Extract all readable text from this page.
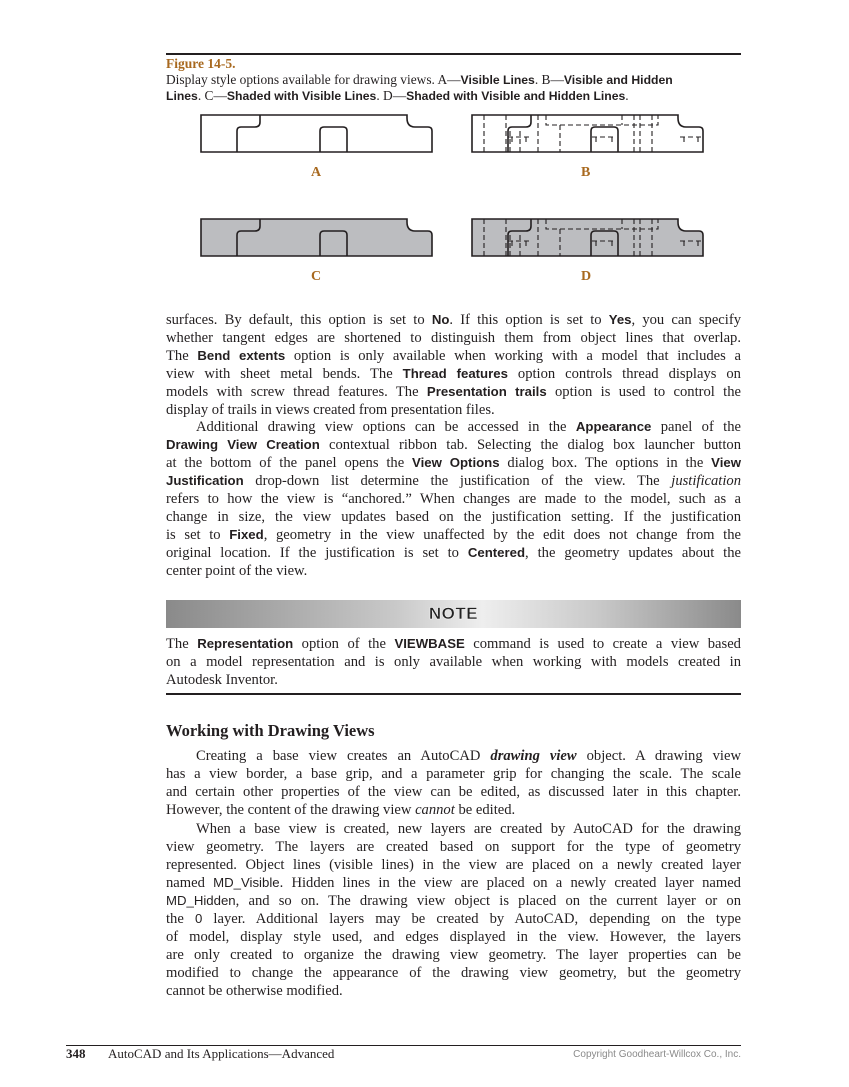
Figure 14-5.
Display style options available for drawing views. A—Visible Lines. B—Visible and Hidden
Lines. C—Shaded with Visible Lines. D—Shaded with Visible and Hidden Lines.
A	B
C	D
surfaces. By default, this option is set to No. If this option is set to Yes, you can specify
whether tangent edges are shortened to distinguish them from object lines that overlap.
The Bend extents option is only available when working with a model that includes a
view with sheet metal bends. The Thread features option controls thread displays on
models with screw thread features. The Presentation trails option is used to control the
display of trails in views created from presentation files.
Additional drawing view options can be accessed in the Appearance panel of the
Drawing View Creation contextual ribbon tab. Selecting the dialog box launcher button
at the bottom of the panel opens the View Options dialog box. The options in the View
Justification drop-down list determine the justification of the view. The justification
refers to how the view is “anchored.” When changes are made to the model, such as a
change in size, the view updates based on the justification setting. If the justification
is set to Fixed, geometry in the view unaffected by the edit does not change from the
original location. If the justification is set to Centered, the geometry updates about the
center point of the view.
NOTE
The Representation option of the VIEWBASE command is used to create a view based
on a model representation and is only available when working with models created in
Autodesk Inventor.
Working with Drawing Views
Creating a base view creates an AutoCAD drawing view object. A drawing view
has a view border, a base grip, and a parameter grip for changing the scale. The scale
and certain other properties of the view can be edited, as discussed later in this chapter.
However, the content of the drawing view cannot be edited.
When a base view is created, new layers are created by AutoCAD for the drawing
view geometry. The layers are created based on support for the type of geometry
represented. Object lines (visible lines) in the view are placed on a newly created layer
named MD_Visible. Hidden lines in the view are placed on a newly created layer named
MD_Hidden, and so on. The drawing view object is placed on the current layer or on
the 0 layer. Additional layers may be created by AutoCAD, depending on the type
of model, display style used, and edges displayed in the view. However, the layers
are only created to organize the drawing view geometry. The layer properties can be
modified to change the appearance of the drawing view geometry, but the geometry
cannot be otherwise modified.
348 AutoCAD and Its Applications—Advanced	Copyright Goodheart-Willcox Co., Inc.
